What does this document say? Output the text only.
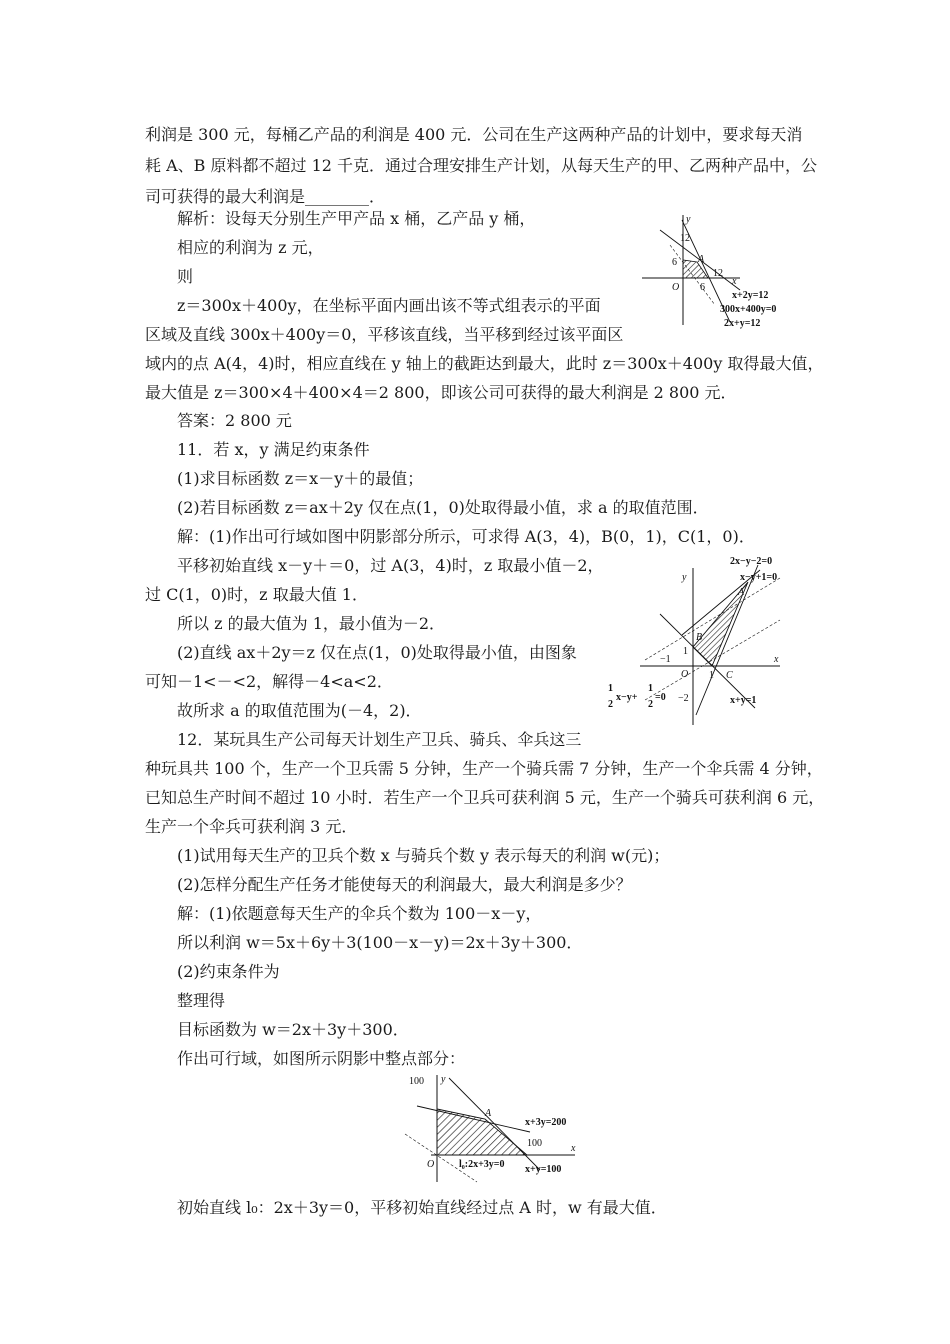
利润是 300 元，每桶乙产品的利润是 400 元．公司在生产这两种产品的计划中，要求每天消
耗 A、B 原料都不超过 12 千克．通过合理安排生产计划，从每天生产的甲、乙两种产品中，公
司可获得的最大利润是________．
解析：设每天分别生产甲产品 x 桶，乙产品 y 桶，
相应的利润为 z 元，
则
z＝300x＋400y，在坐标平面内画出该不等式组表示的平面
区域及直线 300x＋400y＝0，平移该直线，当平移到经过该平面区
域内的点 A(4，4)时，相应直线在 y 轴上的截距达到最大，此时 z＝300x＋400y 取得最大值，
最大值是 z＝300×4＋400×4＝2 800，即该公司可获得的最大利润是 2 800 元．
答案：2 800 元
11．若 x，y 满足约束条件
(1)求目标函数 z＝x－y＋的最值；
(2)若目标函数 z＝ax＋2y 仅在点(1，0)处取得最小值，求 a 的取值范围．
解：(1)作出可行域如图中阴影部分所示，可求得 A(3，4)，B(0，1)，C(1，0)．
平移初始直线 x－y＋＝0，过 A(3，4)时，z 取最小值－2，
过 C(1，0)时，z 取最大值 1．
所以 z 的最大值为 1，最小值为－2．
(2)直线 ax＋2y＝z 仅在点(1，0)处取得最小值，由图象
可知－1<－<2，解得－4<a<2．
故所求 a 的取值范围为(－4，2)．
12．某玩具生产公司每天计划生产卫兵、骑兵、伞兵这三
种玩具共 100 个，生产一个卫兵需 5 分钟，生产一个骑兵需 7 分钟，生产一个伞兵需 4 分钟，
已知总生产时间不超过 10 小时．若生产一个卫兵可获利润 5 元，生产一个骑兵可获利润 6 元，
生产一个伞兵可获利润 3 元．
(1)试用每天生产的卫兵个数 x 与骑兵个数 y 表示每天的利润 w(元)；
(2)怎样分配生产任务才能使每天的利润最大，最大利润是多少？
解：(1)依题意每天生产的伞兵个数为 100－x－y，
所以利润 w＝5x＋6y＋3(100－x－y)＝2x＋3y＋300．
(2)约束条件为
整理得
目标函数为 w＝2x＋3y＋300．
作出可行域，如图所示阴影中整点部分：
初始直线 l₀：2x＋3y＝0，平移初始直线经过点 A 时，w 有最大值．
y
x
O
A
12
6
6
12
x+2y=12
300x+400y=0
2x+y=12
y
x
O
A
B
C
1
−1
1
−2
2x−y−2=0
x−y+1=0
x+y=1
1 2 x−y+ 1 2 =0
y
x
O
A
100
100
x+3y=200
l₀:2x+3y=0 x+y=100
